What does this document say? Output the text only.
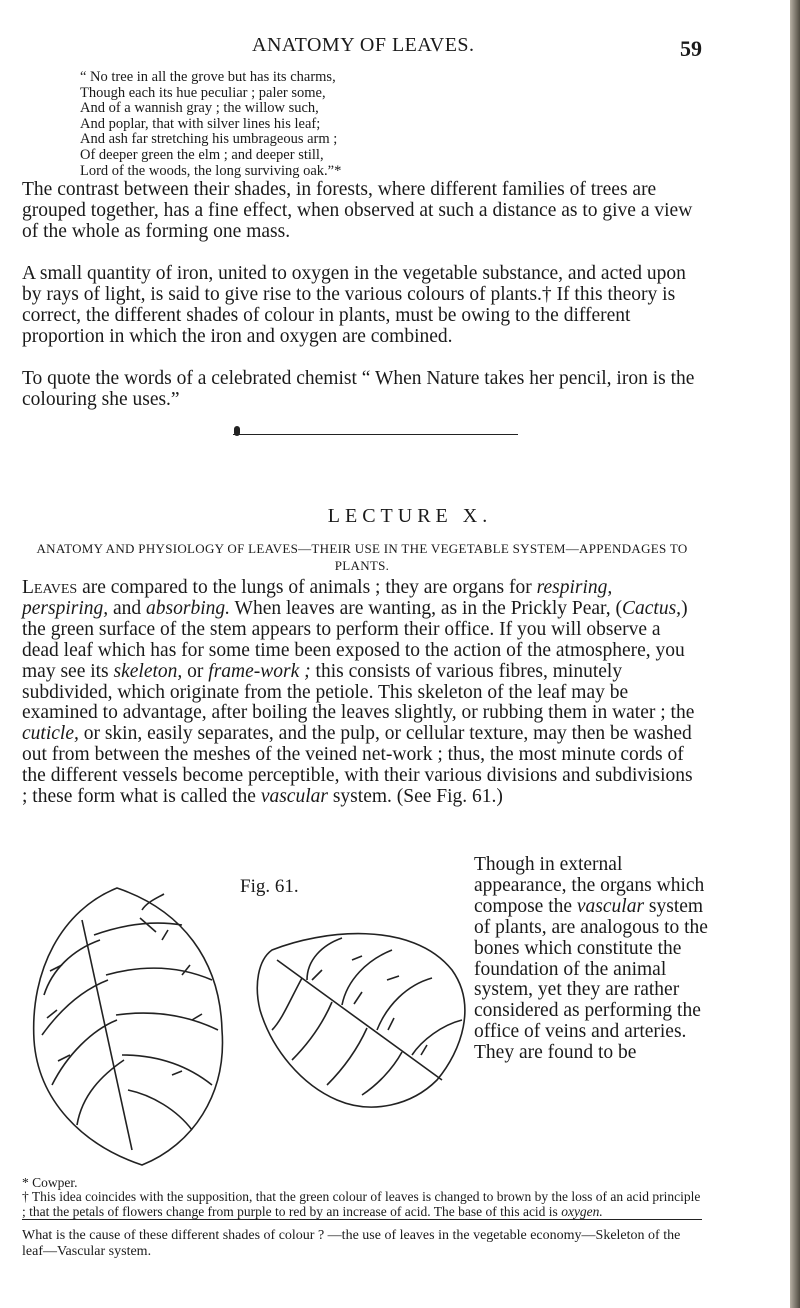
ANATOMY OF LEAVES.	59
“ No tree in all the grove but has its charms,
Though each its hue peculiar ; paler some,
And of a wannish gray ; the willow such,
And poplar, that with silver lines his leaf;
And ash far stretching his umbrageous arm ;
Of deeper green the elm ; and deeper still,
Lord of the woods, the long surviving oak.”*

The contrast between their shades, in forests, where different families of trees are grouped together, has a fine effect, when observed at such a distance as to give a view of the whole as forming one mass.

A small quantity of iron, united to oxygen in the vegetable substance, and acted upon by rays of light, is said to give rise to the various colours of plants.† If this theory is correct, the different shades of colour in plants, must be owing to the different proportion in which the iron and oxygen are combined.

To quote the words of a celebrated chemist “ When Nature takes her pencil, iron is the colouring she uses.”

LECTURE X.
ANATOMY AND PHYSIOLOGY OF LEAVES—THEIR USE IN THE VEGETABLE SYSTEM—APPENDAGES TO PLANTS.

Leaves are compared to the lungs of animals ; they are organs for respiring, perspiring, and absorbing. When leaves are wanting, as in the Prickly Pear, (Cactus,) the green surface of the stem appears to perform their office. If you will observe a dead leaf which has for some time been exposed to the action of the atmosphere, you may see its skeleton, or frame-work ; this consists of various fibres, minutely subdivided, which originate from the petiole. This skeleton of the leaf may be examined to advantage, after boiling the leaves slightly, or rubbing them in water ; the cuticle, or skin, easily separates, and the pulp, or cellular texture, may then be washed out from between the meshes of the veined net-work ; thus, the most minute cords of the different vessels become perceptible, with their various divisions and subdivisions ; these form what is called the vascular system. (See Fig. 61.)

Fig. 61.

Though in external appearance, the organs which compose the vascular system of plants, are analogous to the bones which constitute the foundation of the animal system, yet they are rather considered as performing the office of veins and arteries. They are found to be

* Cowper.
† This idea coincides with the supposition, that the green colour of leaves is changed to brown by the loss of an acid principle ; that the petals of flowers change from purple to red by an increase of acid. The base of this acid is oxygen.
What is the cause of these different shades of colour ? —the use of leaves in the vegetable economy—Skeleton of the leaf—Vascular system.
